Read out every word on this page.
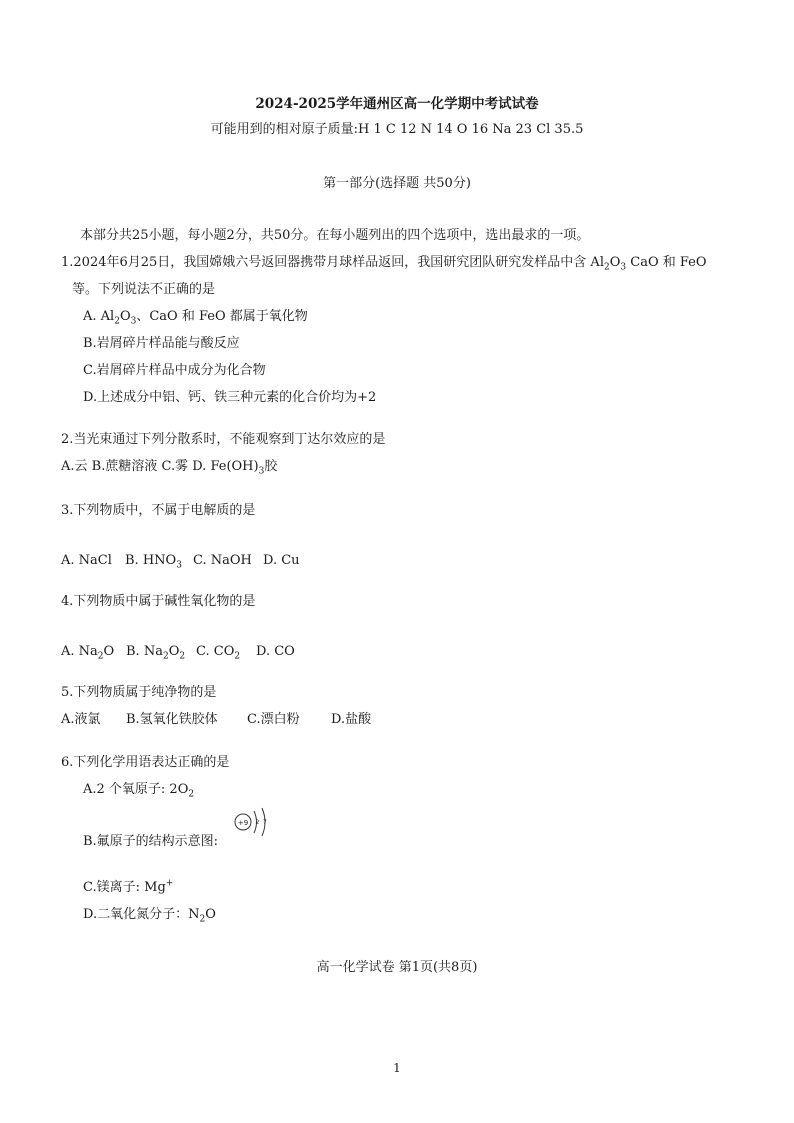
2024-2025学年通州区高一化学期中考试试卷
可能用到的相对原子质量:H 1 C 12 N 14 O 16 Na 23 Cl 35.5
第一部分(选择题 共50分)
本部分共25小题，每小题2分，共50分。在每小题列出的四个选项中，选出最求的一项。
1.2024年6月25日，我国嫦娥六号返回器携带月球样品返回，我国研究团队研究发样品中含 $Al_2O_3$ CaO 和 FeO
等。下列说法不正确的是
A. $Al_2O_3$、CaO 和 FeO 都属于氧化物
B.岩屑碎片样品能与酸反应
C.岩屑碎片样品中成分为化合物
D.上述成分中铝、钙、铁三种元素的化合价均为+2
2.当光束通过下列分散系时，不能观察到丁达尔效应的是
A.云 B.蔗糖溶液 C.雾 D. $Fe(OH)_3$胶
3.下列物质中，不属于电解质的是
A. NaCl B. $HNO_3$ C. NaOH D. Cu
4.下列物质中属于碱性氧化物的是
A. $Na_2O$ B. $Na_2O_2$ C. $CO_2$ D. CO
5.下列物质属于纯净物的是
A.液氯 B.氢氧化铁胶体 C.漂白粉 D.盐酸
6.下列化学用语表达正确的是
A.2 个氧原子: $2O_2$
+9 2 7
B.氟原子的结构示意图:
C.镁离子: Mg+
D.二氧化氮分子：$N_2O$
高一化学试卷 第1页(共8页)
1
